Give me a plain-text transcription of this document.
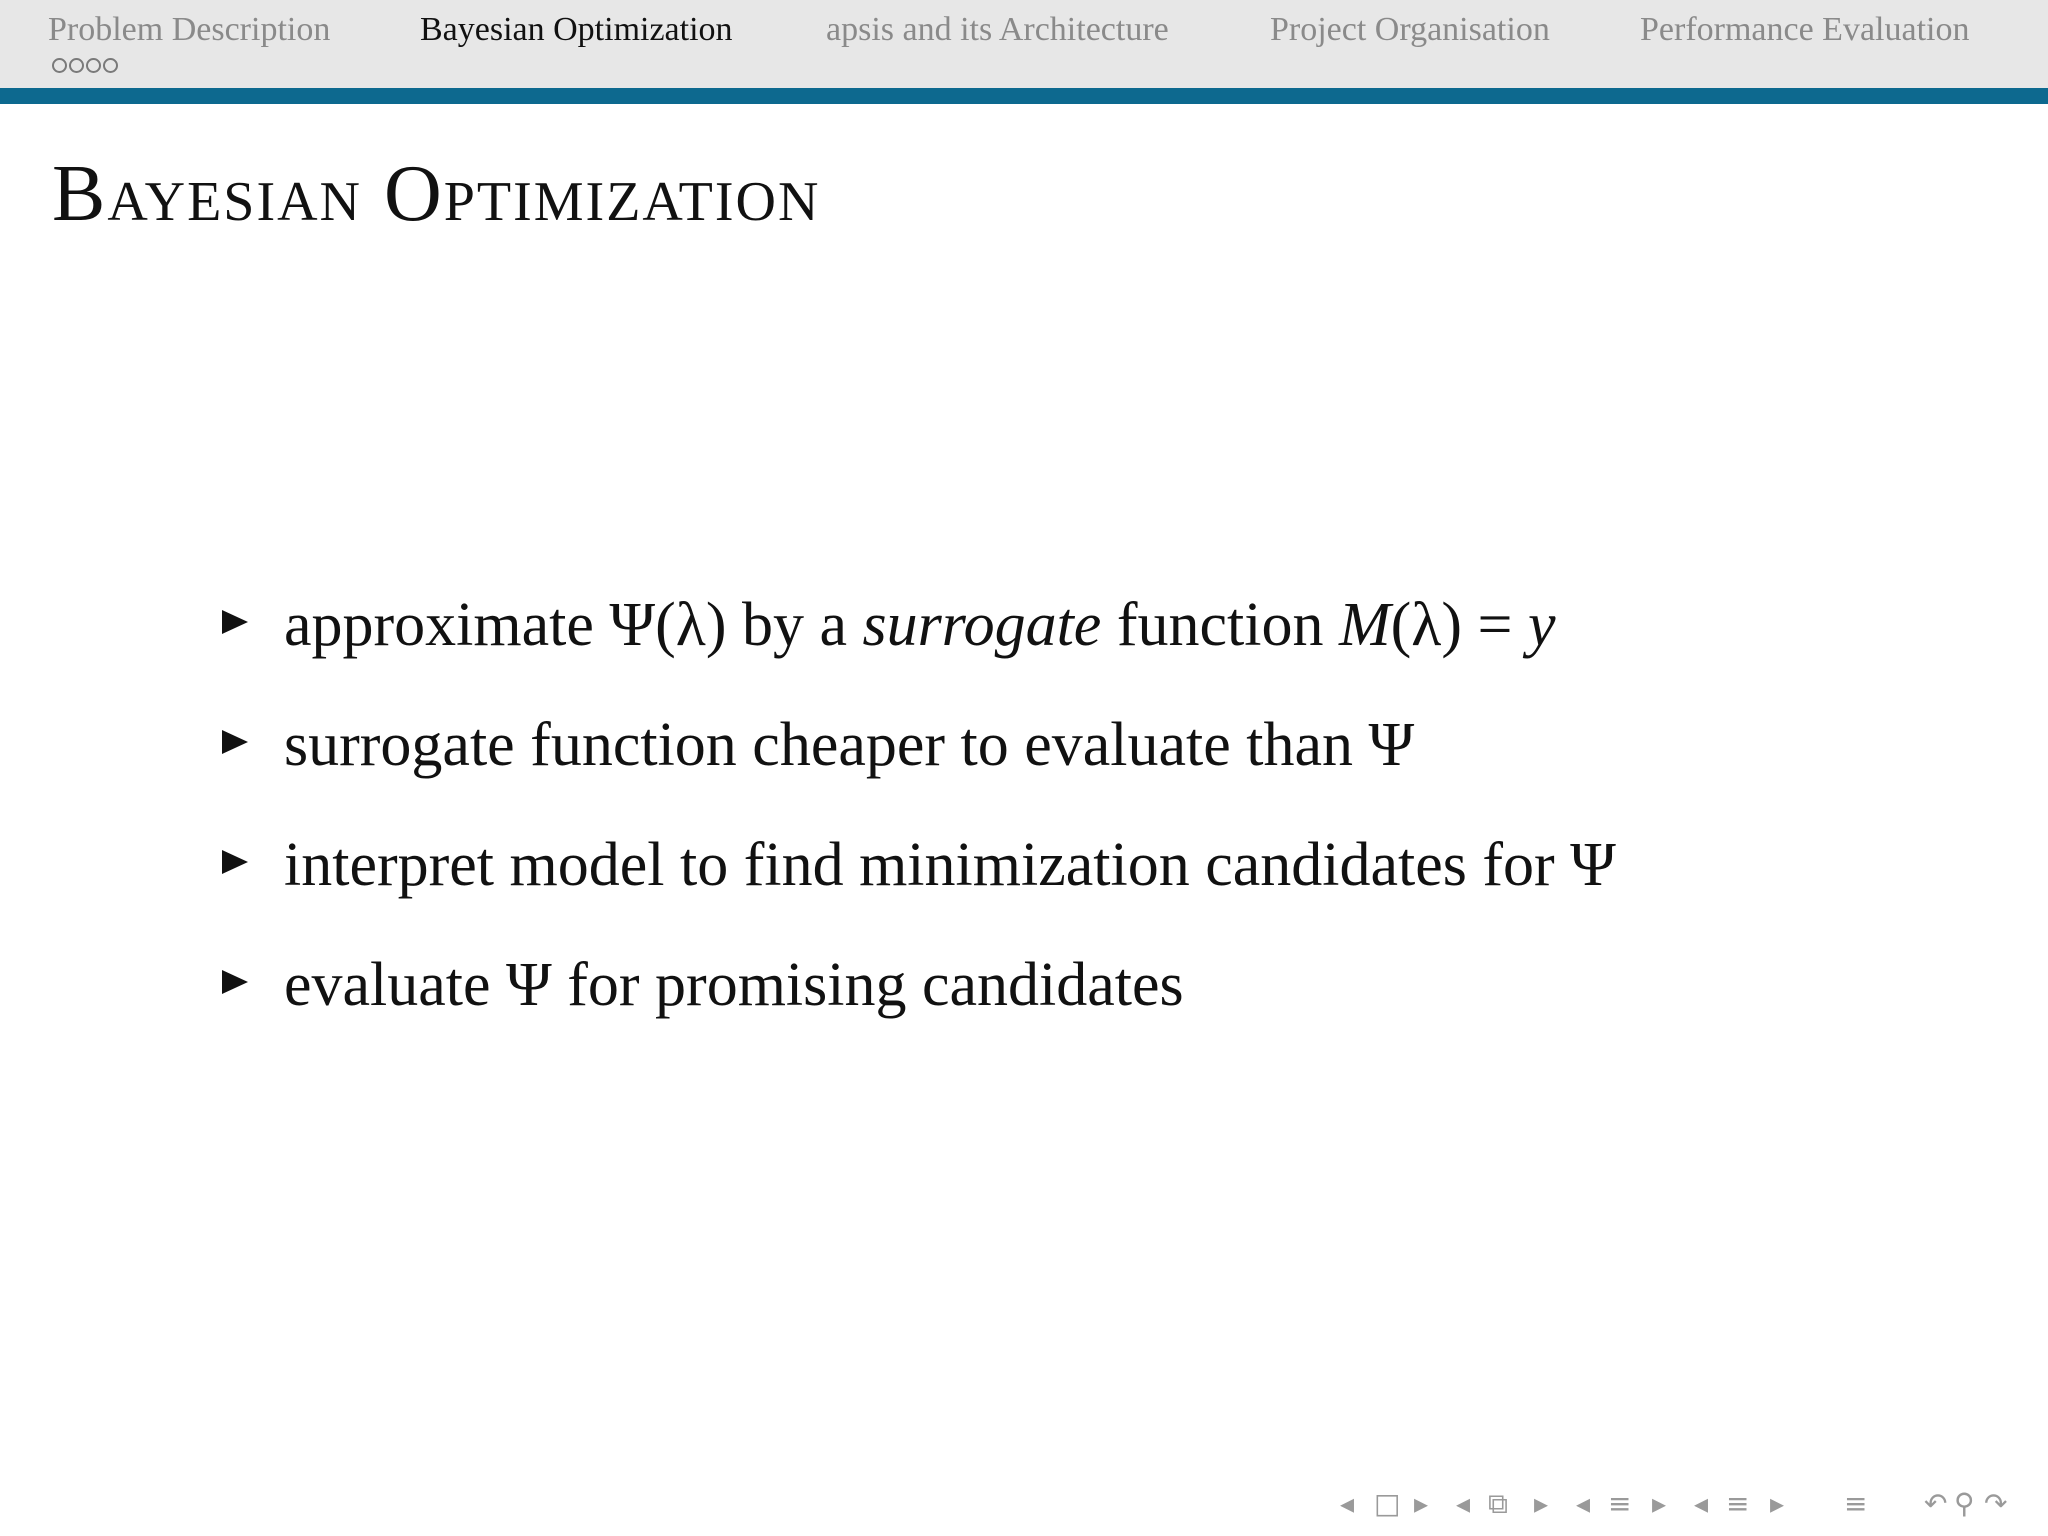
Problem Description	Bayesian Optimization	apsis and its Architecture	Project Organisation	Performance Evaluation
Bayesian Optimization
approximate Ψ(λ) by a surrogate function M(λ) = y
surrogate function cheaper to evaluate than Ψ
interpret model to find minimization candidates for Ψ
evaluate Ψ for promising candidates
◂ □ ▸ ◂ ⧉ ▸ ◂ ≡ ▸ ◂ ≡ ▸ ≡ ↶ ⚲ ↷
